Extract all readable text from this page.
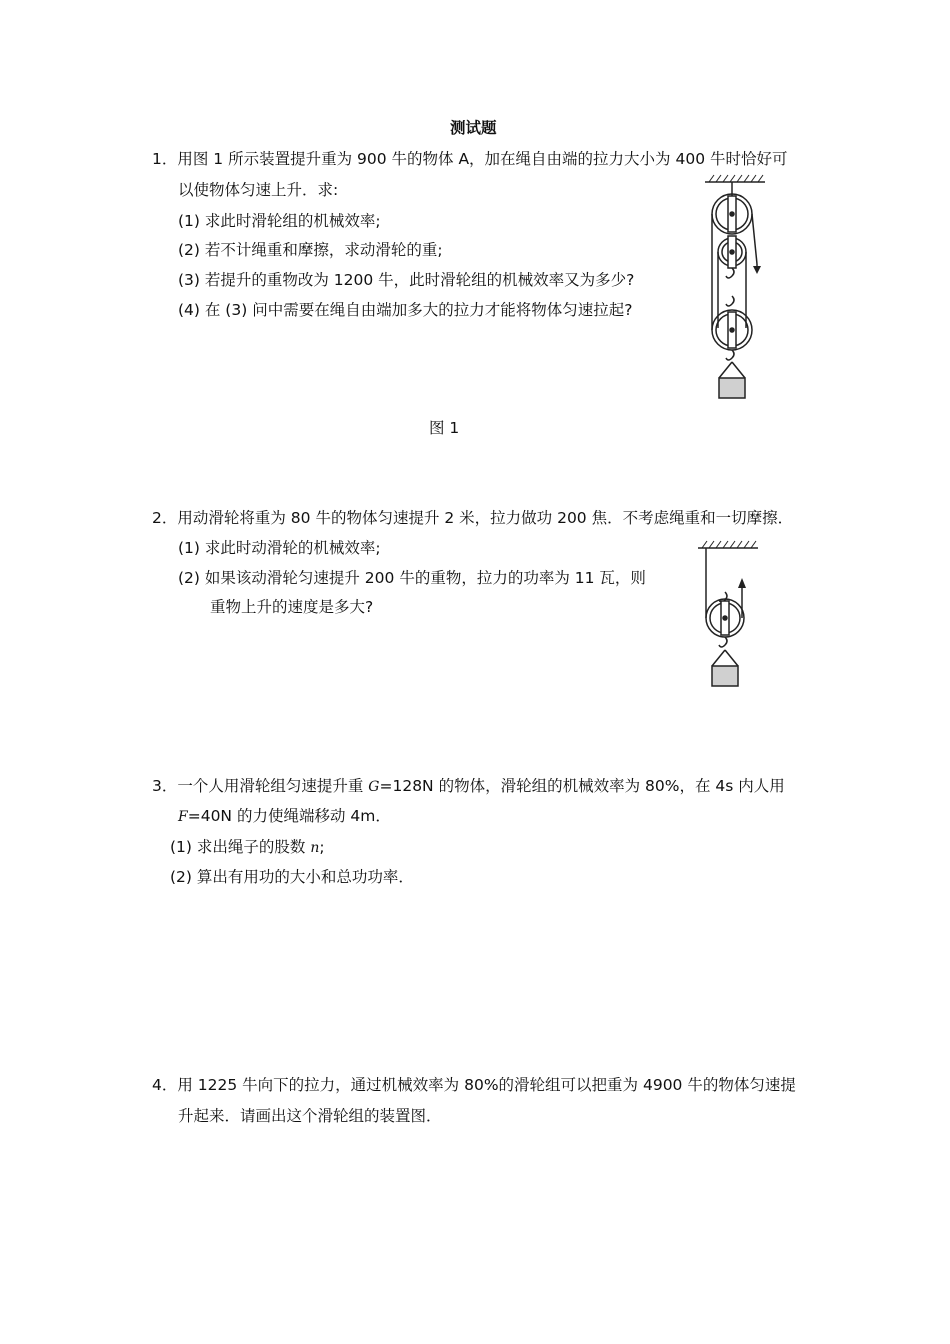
测试题
1．用图 1 所示装置提升重为 900 牛的物体 A，加在绳自由端的拉力大小为 400 牛时恰好可
以使物体匀速上升．求:
(1) 求此时滑轮组的机械效率;
(2) 若不计绳重和摩擦，求动滑轮的重;
(3) 若提升的重物改为 1200 牛，此时滑轮组的机械效率又为多少?
(4) 在 (3) 问中需要在绳自由端加多大的拉力才能将物体匀速拉起?
图 1
2．用动滑轮将重为 80 牛的物体匀速提升 2 米，拉力做功 200 焦．不考虑绳重和一切摩擦．
(1) 求此时动滑轮的机械效率;
(2) 如果该动滑轮匀速提升 200 牛的重物，拉力的功率为 11 瓦，则
重物上升的速度是多大?
3．一个人用滑轮组匀速提升重 G=128N 的物体，滑轮组的机械效率为 80%，在 4s 内人用
F=40N 的力使绳端移动 4m．
(1) 求出绳子的股数 n;
(2) 算出有用功的大小和总功功率．
4．用 1225 牛向下的拉力，通过机械效率为 80%的滑轮组可以把重为 4900 牛的物体匀速提
升起来．请画出这个滑轮组的装置图．
